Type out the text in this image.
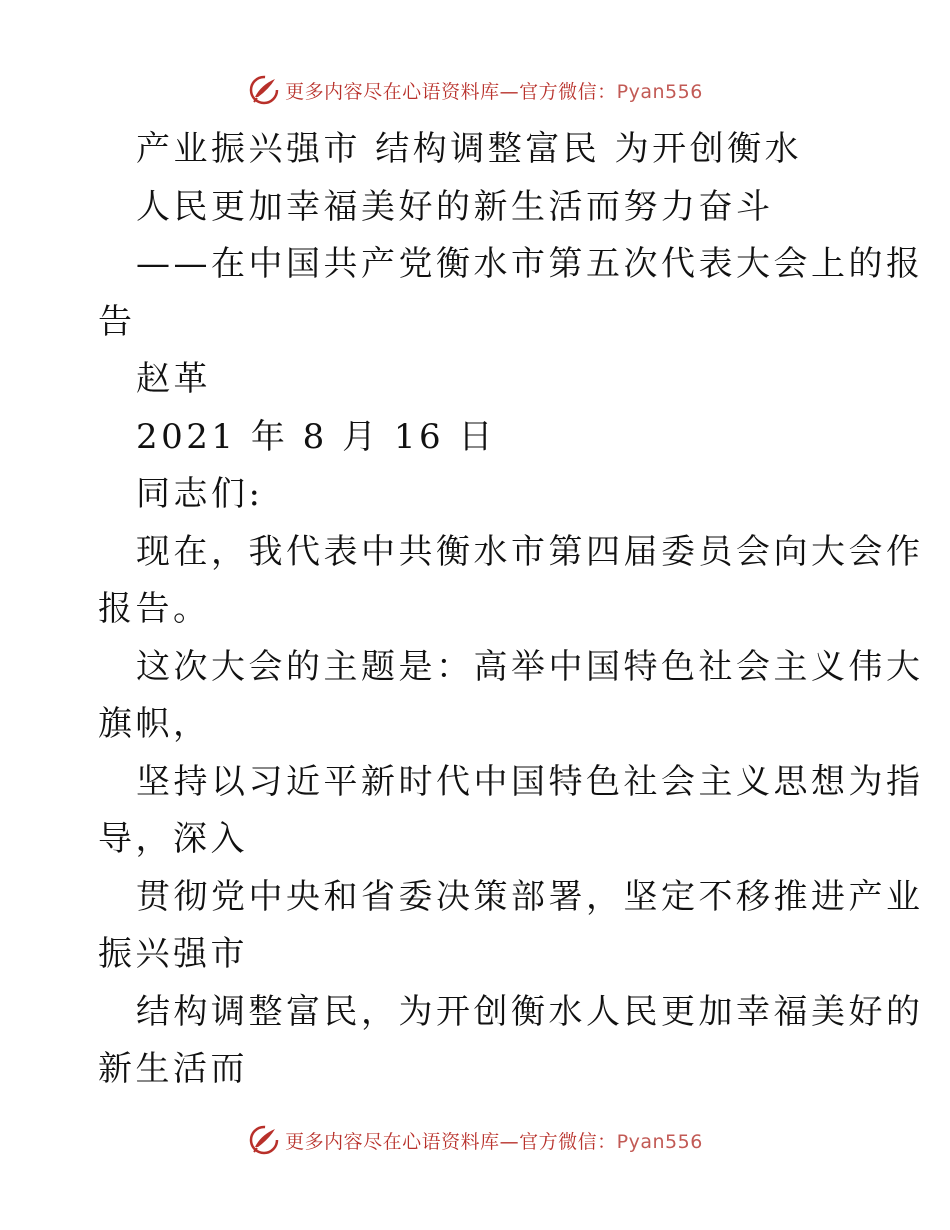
更多内容尽在心语资料库—官方微信：Pyan556
产业振兴强市 结构调整富民 为开创衡水
人民更加幸福美好的新生活而努力奋斗
——在中国共产党衡水市第五次代表大会上的报
告
赵革
2021 年 8 月 16 日
同志们:
现在，我代表中共衡水市第四届委员会向大会作
报告。
这次大会的主题是：高举中国特色社会主义伟大
旗帜，
坚持以习近平新时代中国特色社会主义思想为指
导，深入
贯彻党中央和省委决策部署，坚定不移推进产业
振兴强市
结构调整富民，为开创衡水人民更加幸福美好的
新生活而
更多内容尽在心语资料库—官方微信：Pyan556
